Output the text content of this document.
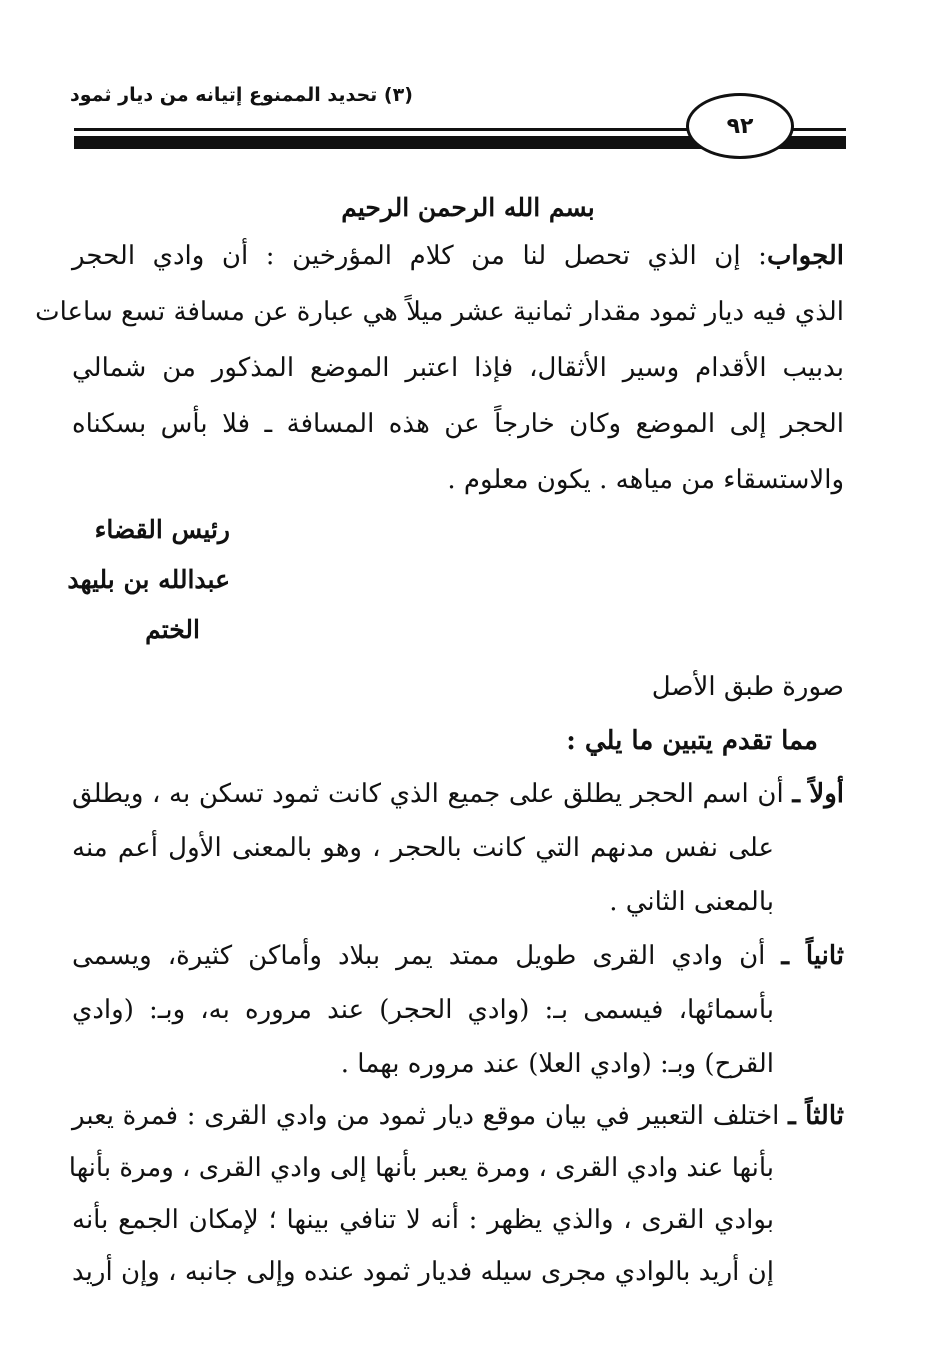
(٣) تحديد الممنوع إتيانه من ديار ثمود
٩٢
بسم الله الرحمن الرحيم
الجواب: إن الذي تحصل لنا من كلام المؤرخين : أن وادي الحجر
الذي فيه ديار ثمود مقدار ثمانية عشر ميلاً هي عبارة عن مسافة تسع ساعات
بدبيب الأقدام وسير الأثقال، فإذا اعتبر الموضع المذكور من شمالي
الحجر إلى الموضع وكان خارجاً عن هذه المسافة ـ فلا بأس بسكناه
والاستسقاء من مياهه . يكون معلوم .
رئيس القضاء
عبدالله بن بليهد
الختم
صورة طبق الأصل
مما تقدم يتبين ما يلي :
أولاً ـ أن اسم الحجر يطلق على جميع الذي كانت ثمود تسكن به ، ويطلق
على نفس مدنهم التي كانت بالحجر ، وهو بالمعنى الأول أعم منه
بالمعنى الثاني .
ثانياً ـ أن وادي القرى طويل ممتد يمر ببلاد وأماكن كثيرة، ويسمى
بأسمائها، فيسمى بـ: (وادي الحجر) عند مروره به، وبـ: (وادي
القرح) وبـ: (وادي العلا) عند مروره بهما .
ثالثاً ـ اختلف التعبير في بيان موقع ديار ثمود من وادي القرى : فمرة يعبر
بأنها عند وادي القرى ، ومرة يعبر بأنها إلى وادي القرى ، ومرة بأنها
بوادي القرى ، والذي يظهر : أنه لا تنافي بينها ؛ لإمكان الجمع بأنه
إن أريد بالوادي مجرى سيله فديار ثمود عنده وإلى جانبه ، وإن أريد
